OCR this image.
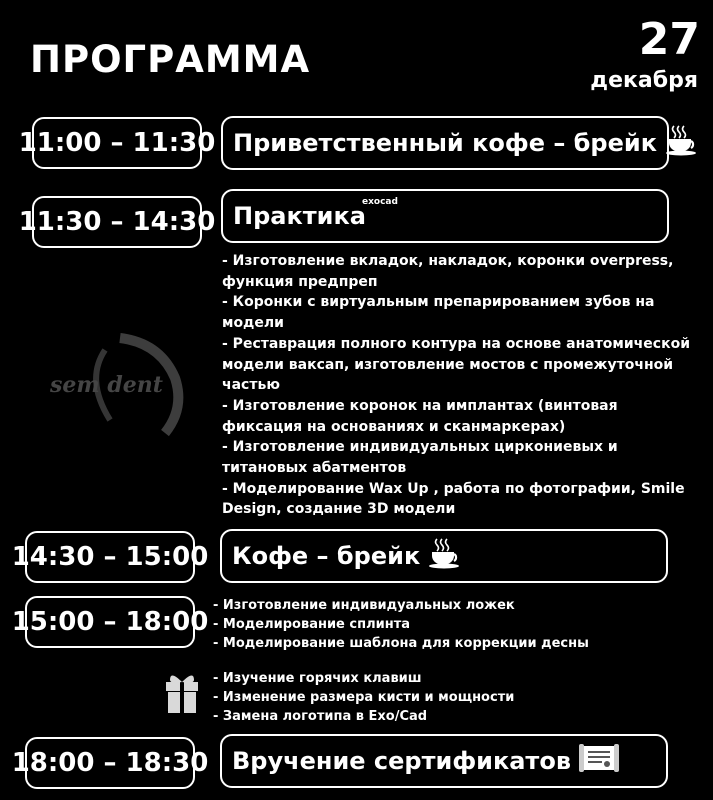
ПРОГРАММА	27
декабря
11:00 – 11:30 Приветственный кофе – брейк
11:30 – 14:30 Практика
exocad
sem dent
- Изготовление вкладок, накладок, коронки overpress, функция предпреп
- Коронки с виртуальным препарированием зубов на модели
- Реставрация полного контура на основе анатомической модели ваксап, изготовление мостов с промежуточной частью
- Изготовление коронок на имплантах (винтовая фиксация на основаниях и сканмаркерах)
- Изготовление индивидуальных циркониевых и титановых абатментов
- Моделирование Wax Up , работа по фотографии, Smile Design, создание 3D модели
14:30 – 15:00 Кофе – брейк
15:00 – 18:00
- Изготовление индивидуальных ложек
- Моделирование сплинта
- Моделирование шаблона для коррекции десны
- Изучение горячих клавиш
- Изменение размера кисти и мощности
- Замена логотипа в Exo/Cad
18:00 – 18:30 Вручение сертификатов
